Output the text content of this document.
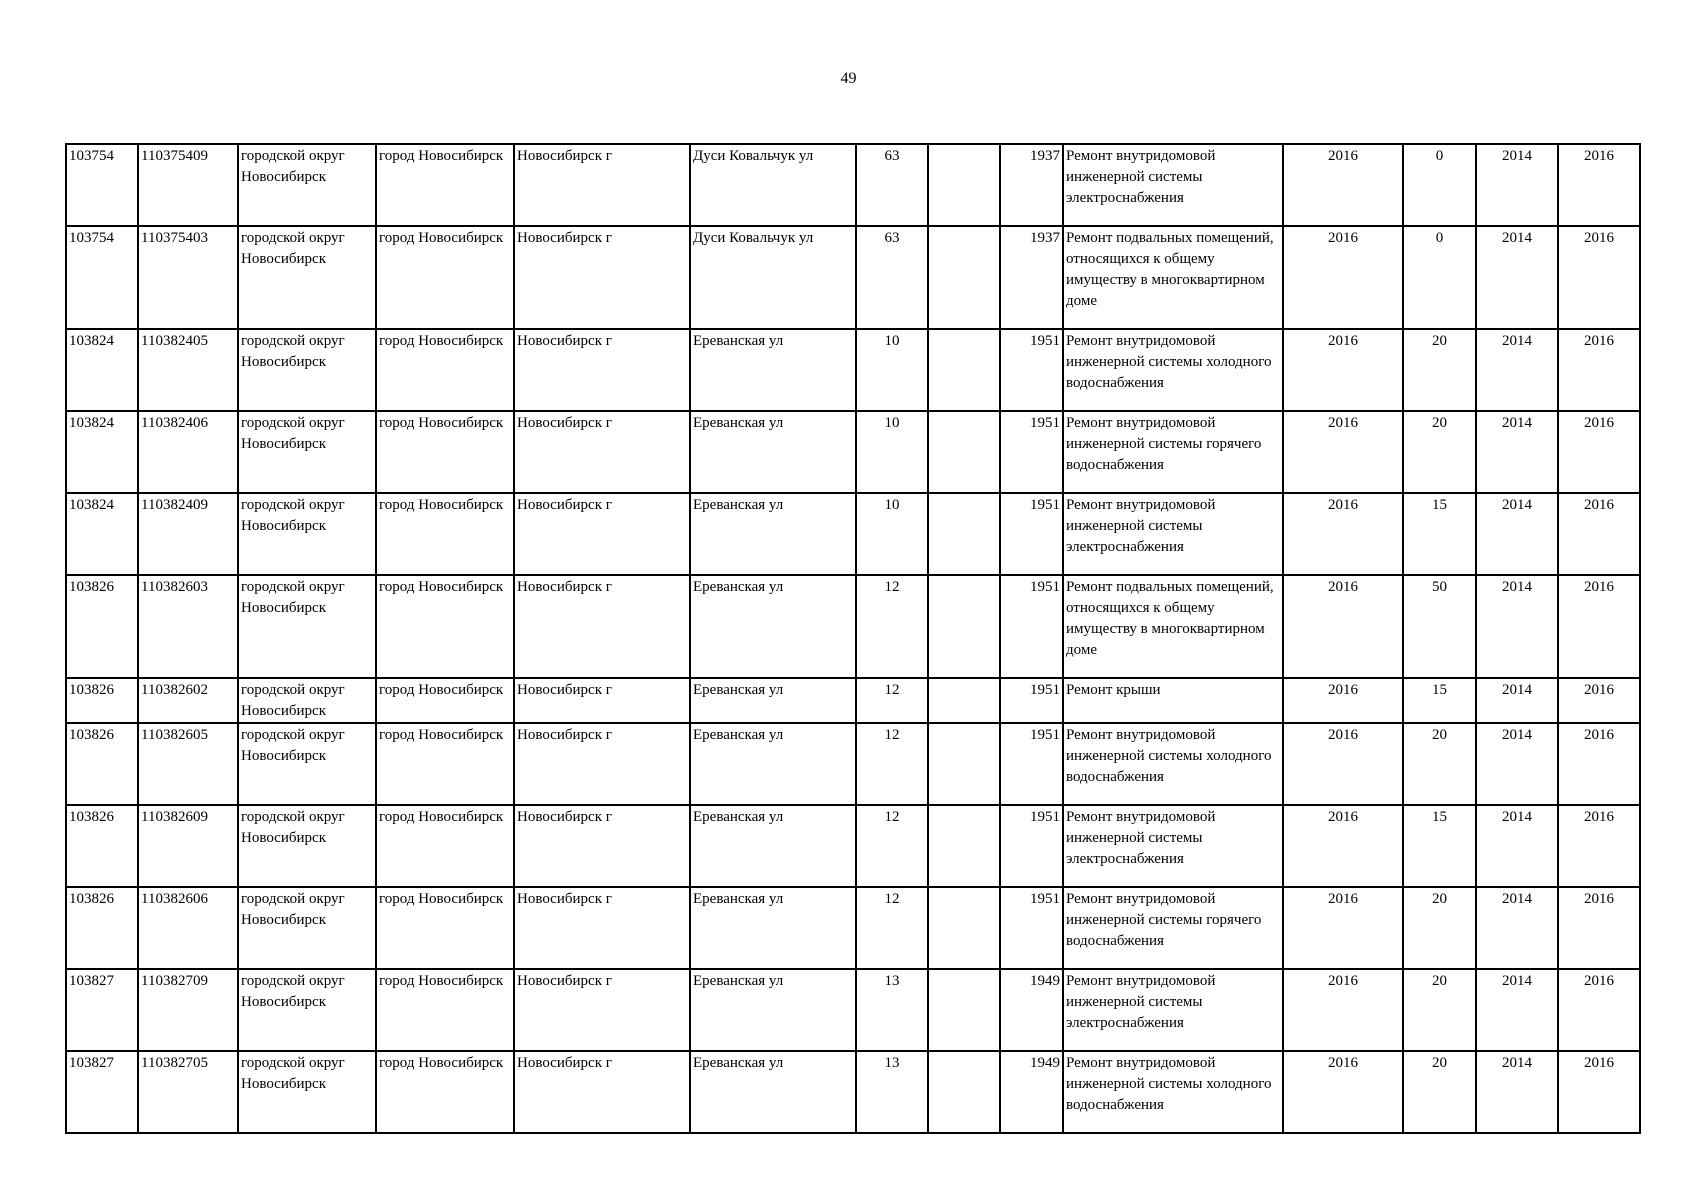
49
103754	110375409	городской округ Новосибирск	город Новосибирск	Новосибирск г	Дуси Ковальчук ул	63		1937	Ремонт внутридомовой инженерной системы электроснабжения	2016	0	2014	2016
103754	110375403	городской округ Новосибирск	город Новосибирск	Новосибирск г	Дуси Ковальчук ул	63		1937	Ремонт подвальных помещений, относящихся к общему имуществу в многоквартирном доме	2016	0	2014	2016
103824	110382405	городской округ Новосибирск	город Новосибирск	Новосибирск г	Ереванская ул	10		1951	Ремонт внутридомовой инженерной системы холодного водоснабжения	2016	20	2014	2016
103824	110382406	городской округ Новосибирск	город Новосибирск	Новосибирск г	Ереванская ул	10		1951	Ремонт внутридомовой инженерной системы горячего водоснабжения	2016	20	2014	2016
103824	110382409	городской округ Новосибирск	город Новосибирск	Новосибирск г	Ереванская ул	10		1951	Ремонт внутридомовой инженерной системы электроснабжения	2016	15	2014	2016
103826	110382603	городской округ Новосибирск	город Новосибирск	Новосибирск г	Ереванская ул	12		1951	Ремонт подвальных помещений, относящихся к общему имуществу в многоквартирном доме	2016	50	2014	2016
103826	110382602	городской округ Новосибирск	город Новосибирск	Новосибирск г	Ереванская ул	12		1951	Ремонт крыши	2016	15	2014	2016
103826	110382605	городской округ Новосибирск	город Новосибирск	Новосибирск г	Ереванская ул	12		1951	Ремонт внутридомовой инженерной системы холодного водоснабжения	2016	20	2014	2016
103826	110382609	городской округ Новосибирск	город Новосибирск	Новосибирск г	Ереванская ул	12		1951	Ремонт внутридомовой инженерной системы электроснабжения	2016	15	2014	2016
103826	110382606	городской округ Новосибирск	город Новосибирск	Новосибирск г	Ереванская ул	12		1951	Ремонт внутридомовой инженерной системы горячего водоснабжения	2016	20	2014	2016
103827	110382709	городской округ Новосибирск	город Новосибирск	Новосибирск г	Ереванская ул	13		1949	Ремонт внутридомовой инженерной системы электроснабжения	2016	20	2014	2016
103827	110382705	городской округ Новосибирск	город Новосибирск	Новосибирск г	Ереванская ул	13		1949	Ремонт внутридомовой инженерной системы холодного водоснабжения	2016	20	2014	2016
